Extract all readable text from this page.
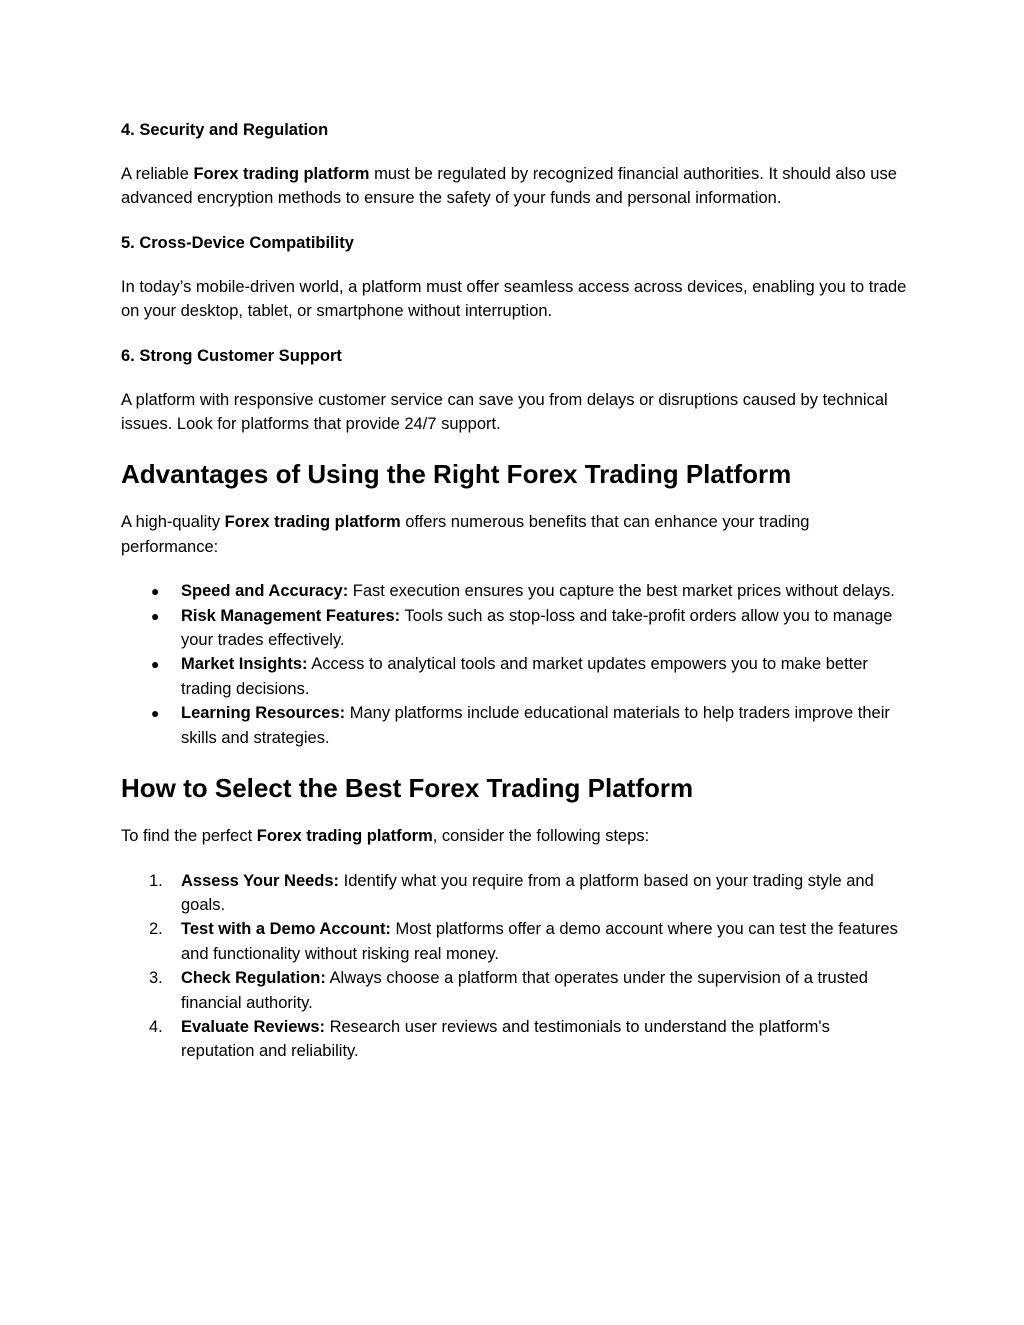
4. Security and Regulation

A reliable Forex trading platform must be regulated by recognized financial authorities. It should also use advanced encryption methods to ensure the safety of your funds and personal information.

5. Cross-Device Compatibility

In today’s mobile-driven world, a platform must offer seamless access across devices, enabling you to trade on your desktop, tablet, or smartphone without interruption.

6. Strong Customer Support

A platform with responsive customer service can save you from delays or disruptions caused by technical issues. Look for platforms that provide 24/7 support.

Advantages of Using the Right Forex Trading Platform

A high-quality Forex trading platform offers numerous benefits that can enhance your trading performance:

● Speed and Accuracy: Fast execution ensures you capture the best market prices without delays.
● Risk Management Features: Tools such as stop-loss and take-profit orders allow you to manage your trades effectively.
● Market Insights: Access to analytical tools and market updates empowers you to make better trading decisions.
● Learning Resources: Many platforms include educational materials to help traders improve their skills and strategies.
How to Select the Best Forex Trading Platform

To find the perfect Forex trading platform, consider the following steps:

1. Assess Your Needs: Identify what you require from a platform based on your trading style and goals.
2. Test with a Demo Account: Most platforms offer a demo account where you can test the features and functionality without risking real money.
3. Check Regulation: Always choose a platform that operates under the supervision of a trusted financial authority.
4. Evaluate Reviews: Research user reviews and testimonials to understand the platform's reputation and reliability.
